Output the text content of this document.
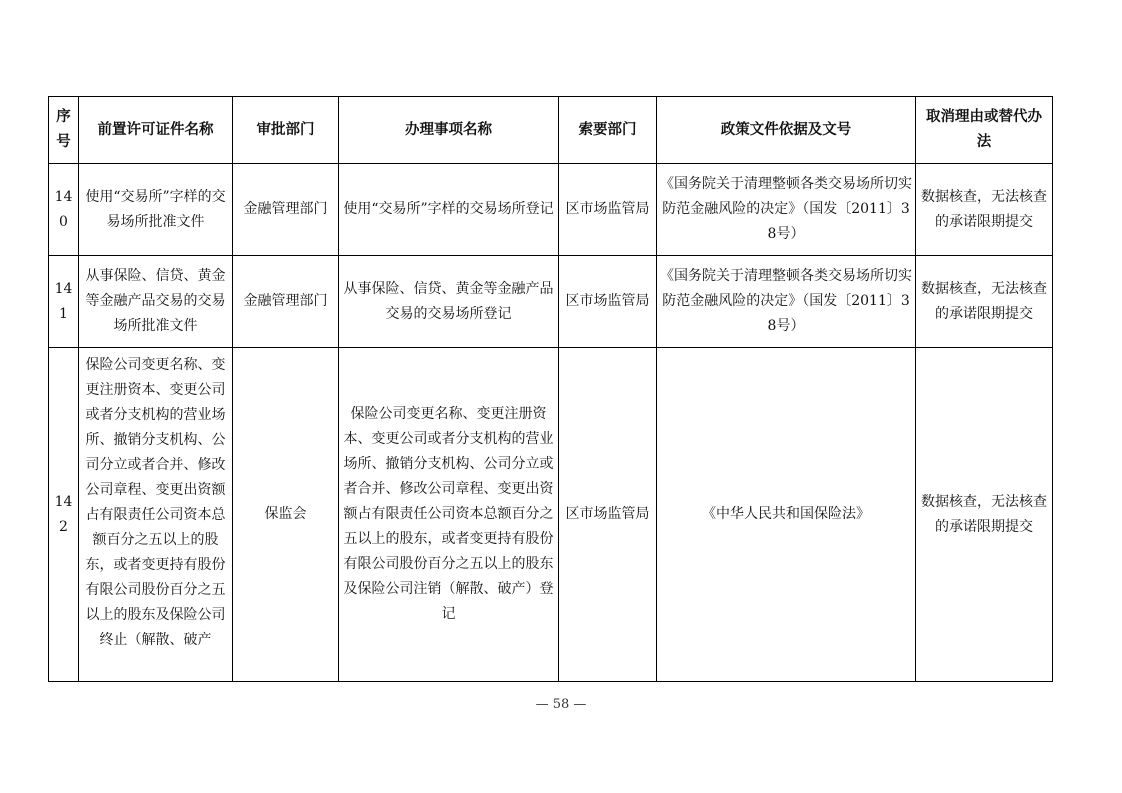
序号	前置许可证件名称	审批部门	办理事项名称	索要部门	政策文件依据及文号	取消理由或替代办法
140	使用“交易所”字样的交易场所批准文件	金融管理部门	使用“交易所”字样的交易场所登记	区市场监管局	《国务院关于清理整顿各类交易场所切实防范金融风险的决定》（国发〔2011〕38号）	数据核查，无法核查的承诺限期提交
141	从事保险、信贷、黄金等金融产品交易的交易场所批准文件	金融管理部门	从事保险、信贷、黄金等金融产品交易的交易场所登记	区市场监管局	《国务院关于清理整顿各类交易场所切实防范金融风险的决定》（国发〔2011〕38号）	数据核查，无法核查的承诺限期提交
142	保险公司变更名称、变更注册资本、变更公司或者分支机构的营业场所、撤销分支机构、公司分立或者合并、修改公司章程、变更出资额占有限责任公司资本总额百分之五以上的股东，或者变更持有股份有限公司股份百分之五以上的股东及保险公司终止（解散、破产	保监会	保险公司变更名称、变更注册资本、变更公司或者分支机构的营业场所、撤销分支机构、公司分立或者合并、修改公司章程、变更出资额占有限责任公司资本总额百分之五以上的股东，或者变更持有股份有限公司股份百分之五以上的股东及保险公司注销（解散、破产）登记	区市场监管局	《中华人民共和国保险法》	数据核查，无法核查的承诺限期提交
— 58 —
